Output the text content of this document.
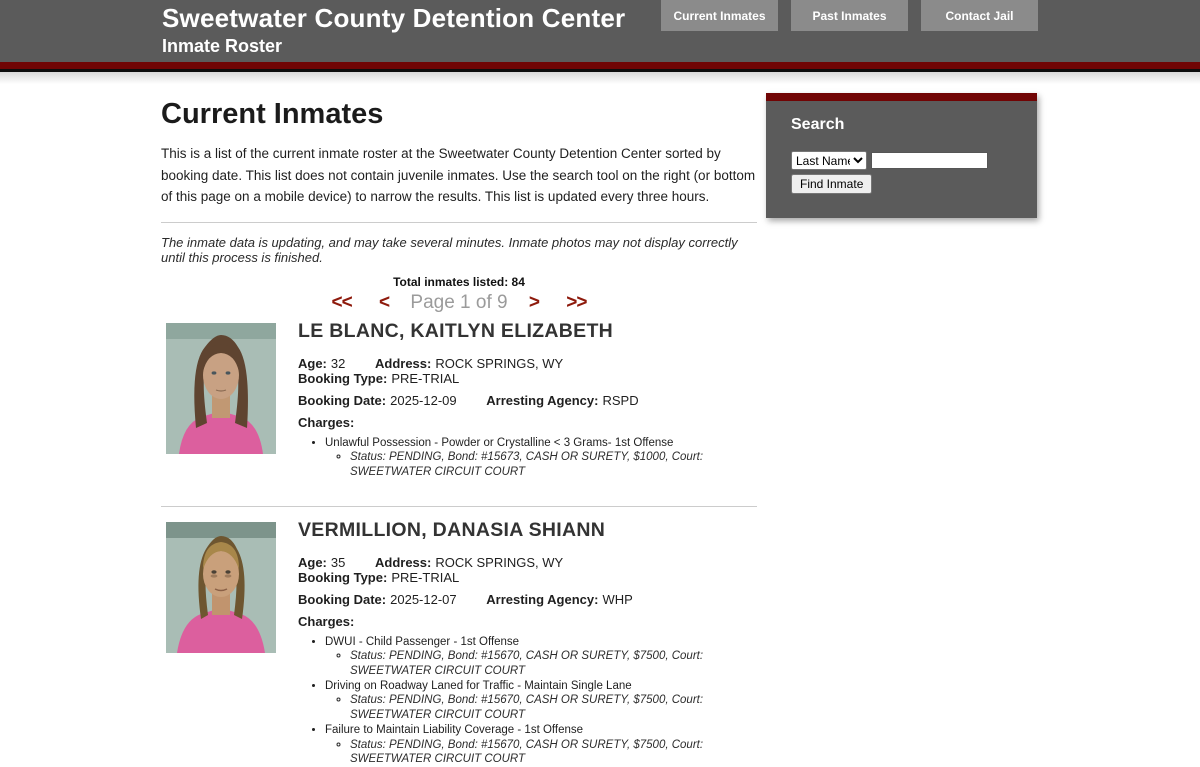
Sweetwater County Detention Center
Inmate Roster
Current Inmates	Past Inmates	Contact Jail
Search
Last Name
Find Inmate
Current Inmates

This is a list of the current inmate roster at the Sweetwater County Detention Center sorted by booking date. This list does not contain juvenile inmates. Use the search tool on the right (or bottom of this page on a mobile device) to narrow the results. This list is updated every three hours.

The inmate data is updating, and may take several minutes. Inmate photos may not display correctly until this process is finished.

Total inmates listed: 84
<< < Page 1 of 9 > >>
LE BLANC, KAITLYN ELIZABETH
Age: 32 Address: ROCK SPRINGS, WY Booking Type: PRE-TRIAL
Booking Date: 2025-12-09 Arresting Agency: RSPD
Charges:
• Unlawful Possession - Powder or Crystalline < 3 Grams- 1st Offense
◦ Status: PENDING, Bond: #15673, CASH OR SURETY, $1000, Court: SWEETWATER CIRCUIT COURT
VERMILLION, DANASIA SHIANN
Age: 35 Address: ROCK SPRINGS, WY Booking Type: PRE-TRIAL
Booking Date: 2025-12-07 Arresting Agency: WHP
Charges:
• DWUI - Child Passenger - 1st Offense
◦ Status: PENDING, Bond: #15670, CASH OR SURETY, $7500, Court: SWEETWATER CIRCUIT COURT
• Driving on Roadway Laned for Traffic - Maintain Single Lane
◦ Status: PENDING, Bond: #15670, CASH OR SURETY, $7500, Court: SWEETWATER CIRCUIT COURT
• Failure to Maintain Liability Coverage - 1st Offense
◦ Status: PENDING, Bond: #15670, CASH OR SURETY, $7500, Court: SWEETWATER CIRCUIT COURT
